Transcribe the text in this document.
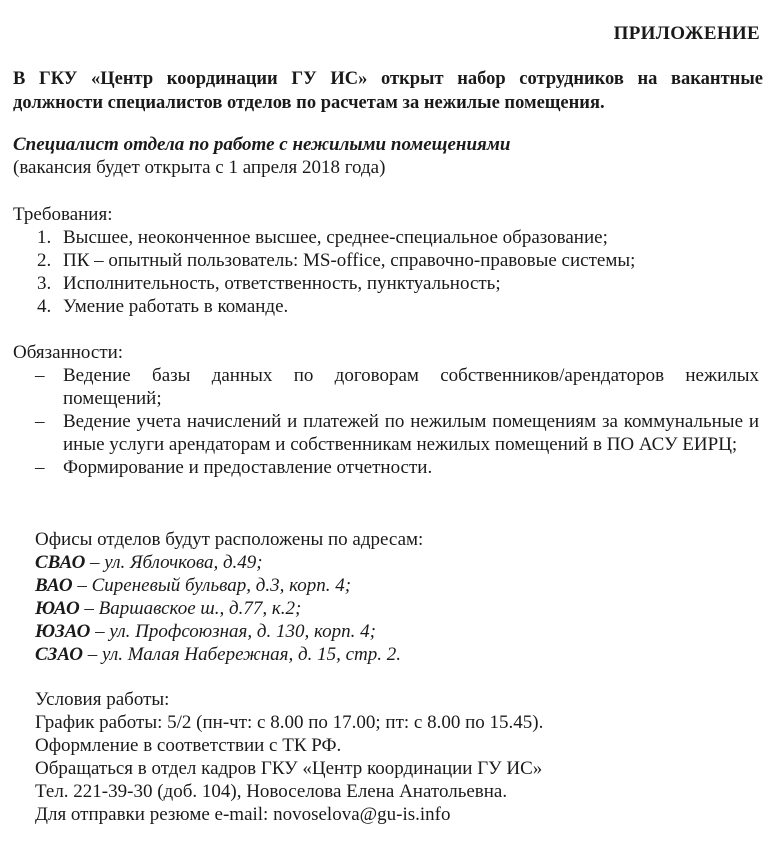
ПРИЛОЖЕНИЕ
В ГКУ «Центр координации ГУ ИС» открыт набор сотрудников на вакантные должности специалистов отделов по расчетам за нежилые помещения.
Специалист отдела по работе с нежилыми помещениями
(вакансия будет открыта с 1 апреля 2018 года)
Требования:
1. Высшее, неоконченное высшее, среднее-специальное образование;
2. ПК – опытный пользователь: MS-office, справочно-правовые системы;
3. Исполнительность, ответственность, пунктуальность;
4. Умение работать в команде.
Обязанности:
– Ведение базы данных по договорам собственников/арендаторов нежилых помещений;
– Ведение учета начислений и платежей по нежилым помещениям за коммунальные и иные услуги арендаторам и собственникам нежилых помещений в ПО АСУ ЕИРЦ;
– Формирование и предоставление отчетности.
Офисы отделов будут расположены по адресам:
СВАО – ул. Яблочкова, д.49;
ВАО – Сиреневый бульвар, д.3, корп. 4;
ЮАО – Варшавское ш., д.77, к.2;
ЮЗАО – ул. Профсоюзная, д. 130, корп. 4;
СЗАО – ул. Малая Набережная, д. 15, стр. 2.
Условия работы:
График работы: 5/2 (пн-чт: с 8.00 по 17.00; пт: с 8.00 по 15.45).
Оформление в соответствии с ТК РФ.
Обращаться в отдел кадров ГКУ «Центр координации ГУ ИС»
Тел. 221-39-30 (доб. 104), Новоселова Елена Анатольевна.
Для отправки резюме e-mail: novoselova@gu-is.info
